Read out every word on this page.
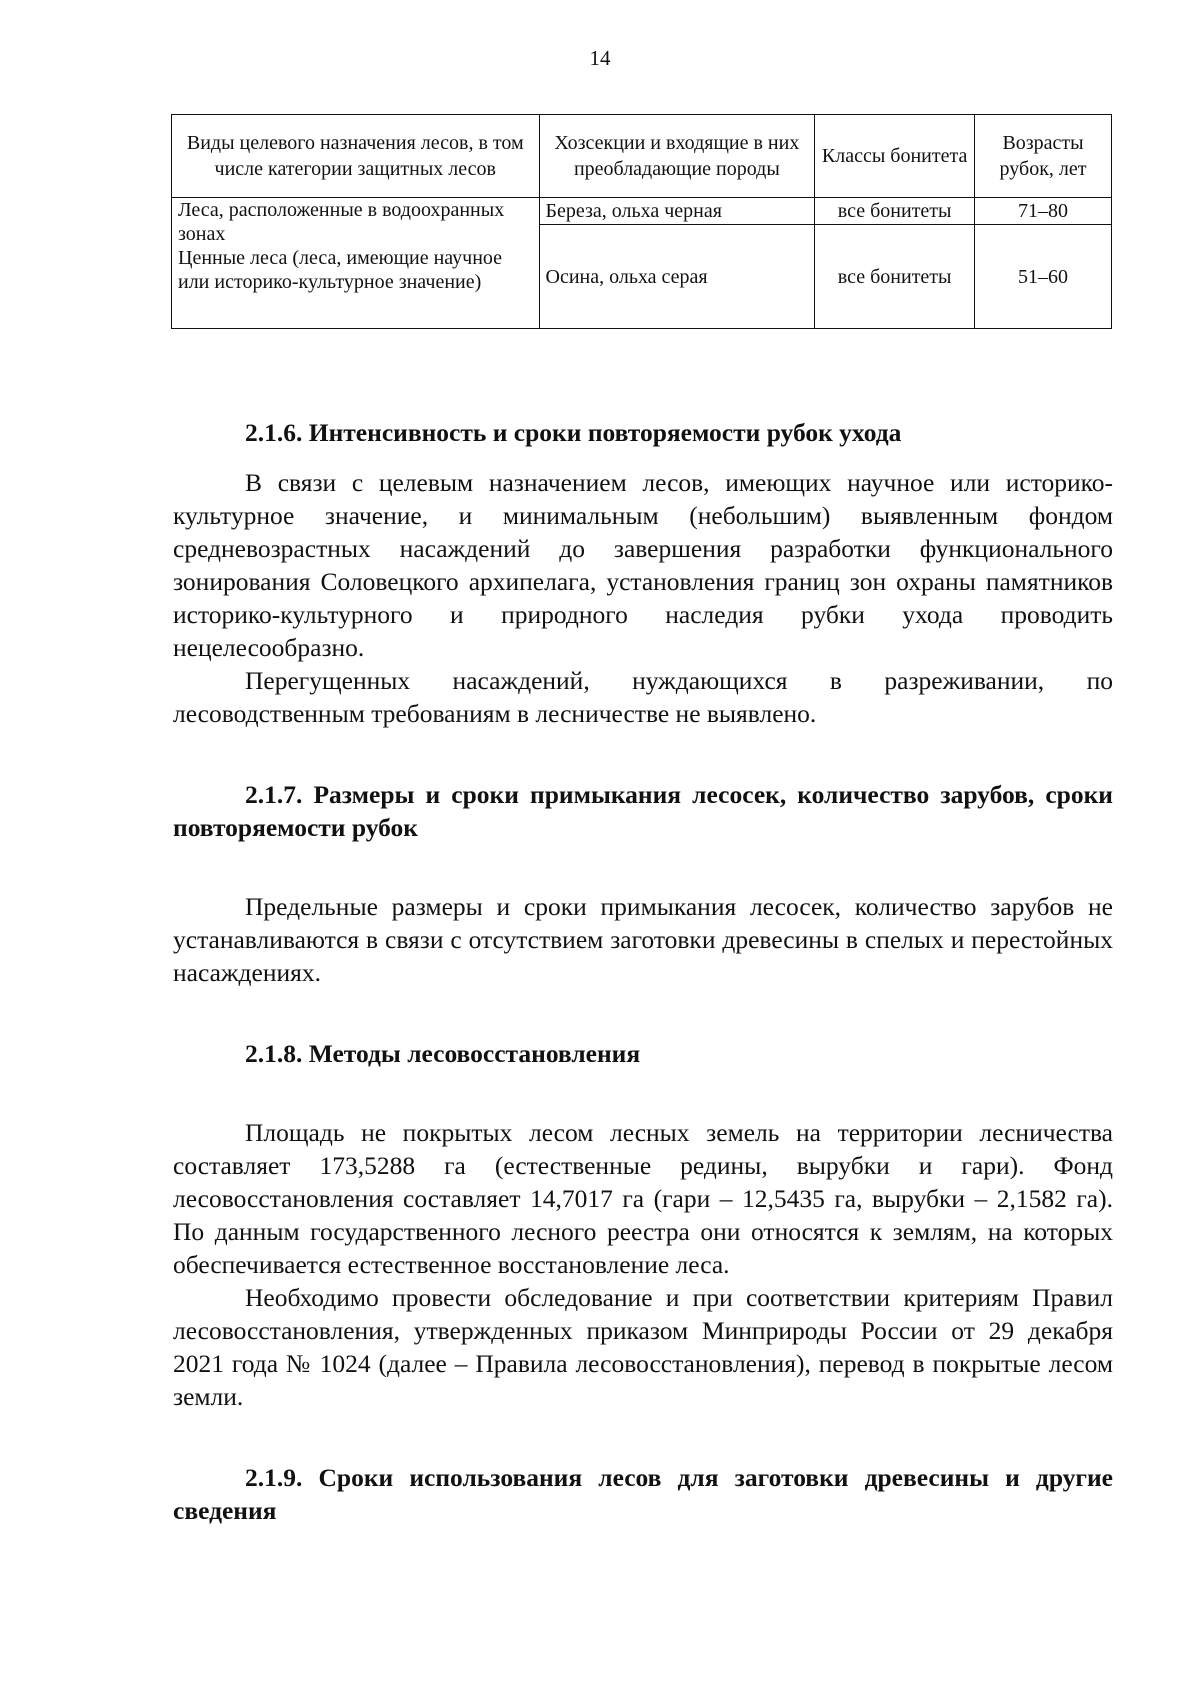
14
Виды целевого назначения лесов, в том числе категории защитных лесов	Хозсекции и входящие в них преобладающие породы	Классы бонитета	Возрасты рубок, лет
Леса, расположенные в водоохранных зонах
Ценные леса (леса, имеющие научное или историко-культурное значение)	Береза, ольха черная	все бонитеты	71–80
	Осина, ольха серая	все бонитеты	51–60
2.1.6. Интенсивность и сроки повторяемости рубок ухода

В связи с целевым назначением лесов, имеющих научное или историко-культурное значение, и минимальным (небольшим) выявленным фондом средневозрастных насаждений до завершения разработки функционального зонирования Соловецкого архипелага, установления границ зон охраны памятников историко-культурного и природного наследия рубки ухода проводить нецелесообразно.

Перегущенных насаждений, нуждающихся в разреживании, по лесоводственным требованиям в лесничестве не выявлено.

2.1.7. Размеры и сроки примыкания лесосек, количество зарубов, сроки повторяемости рубок

Предельные размеры и сроки примыкания лесосек, количество зарубов не устанавливаются в связи с отсутствием заготовки древесины в спелых и перестойных насаждениях.

2.1.8. Методы лесовосстановления

Площадь не покрытых лесом лесных земель на территории лесничества составляет 173,5288 га (естественные редины, вырубки и гари). Фонд лесовосстановления составляет 14,7017 га (гари – 12,5435 га, вырубки – 2,1582 га). По данным государственного лесного реестра они относятся к землям, на которых обеспечивается естественное восстановление леса.

Необходимо провести обследование и при соответствии критериям Правил лесовосстановления, утвержденных приказом Минприроды России от 29 декабря 2021 года № 1024 (далее – Правила лесовосстановления), перевод в покрытые лесом земли.

2.1.9. Сроки использования лесов для заготовки древесины и другие сведения
